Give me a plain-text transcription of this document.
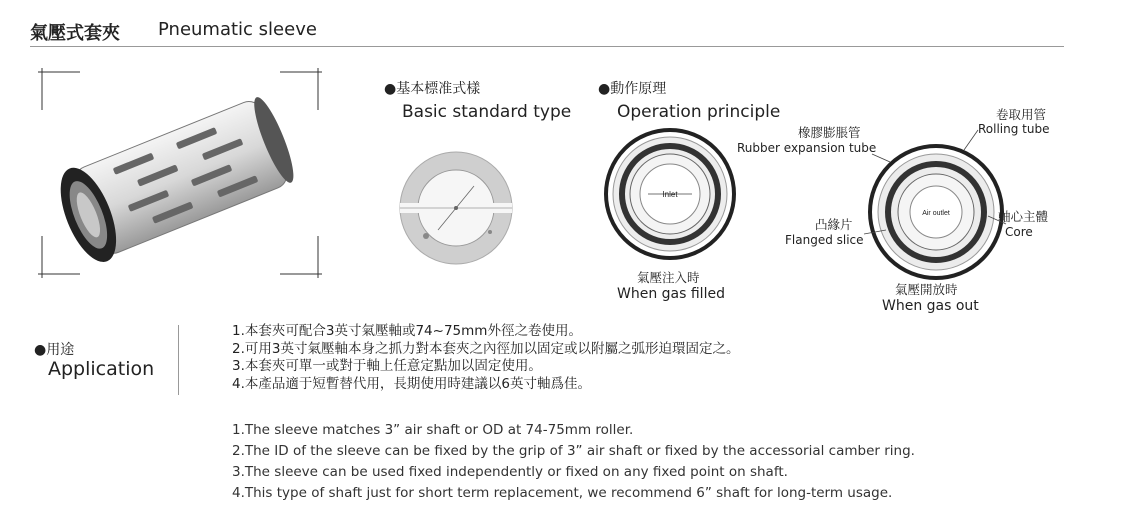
氣壓式套夾 Pneumatic sleeve
●基本標准式樣
Basic standard type
●動作原理
Operation principle
Inlet
Air outlet
氣壓注入時
When gas filled	氣壓開放時
When gas out
卷取用管
Rolling tube
橡膠膨脹管
Rubber expansion tube
軸心主體
Core
凸緣片
Flanged slice
●用途
Application
1.本套夾可配合3英寸氣壓軸或74~75mm外徑之卷使用。
2.可用3英寸氣壓軸本身之抓力對本套夾之內徑加以固定或以附屬之弧形迫環固定之。
3.本套夾可單一或對于軸上任意定點加以固定使用。
4.本產品適于短暫替代用，長期使用時建議以6英寸軸爲佳。
1.The sleeve matches 3” air shaft or OD at 74-75mm roller.
2.The ID of the sleeve can be fixed by the grip of 3” air shaft or fixed by the accessorial camber ring.
3.The sleeve can be used fixed independently or fixed on any fixed point on shaft.
4.This type of shaft just for short term replacement, we recommend 6” shaft for long-term usage.
